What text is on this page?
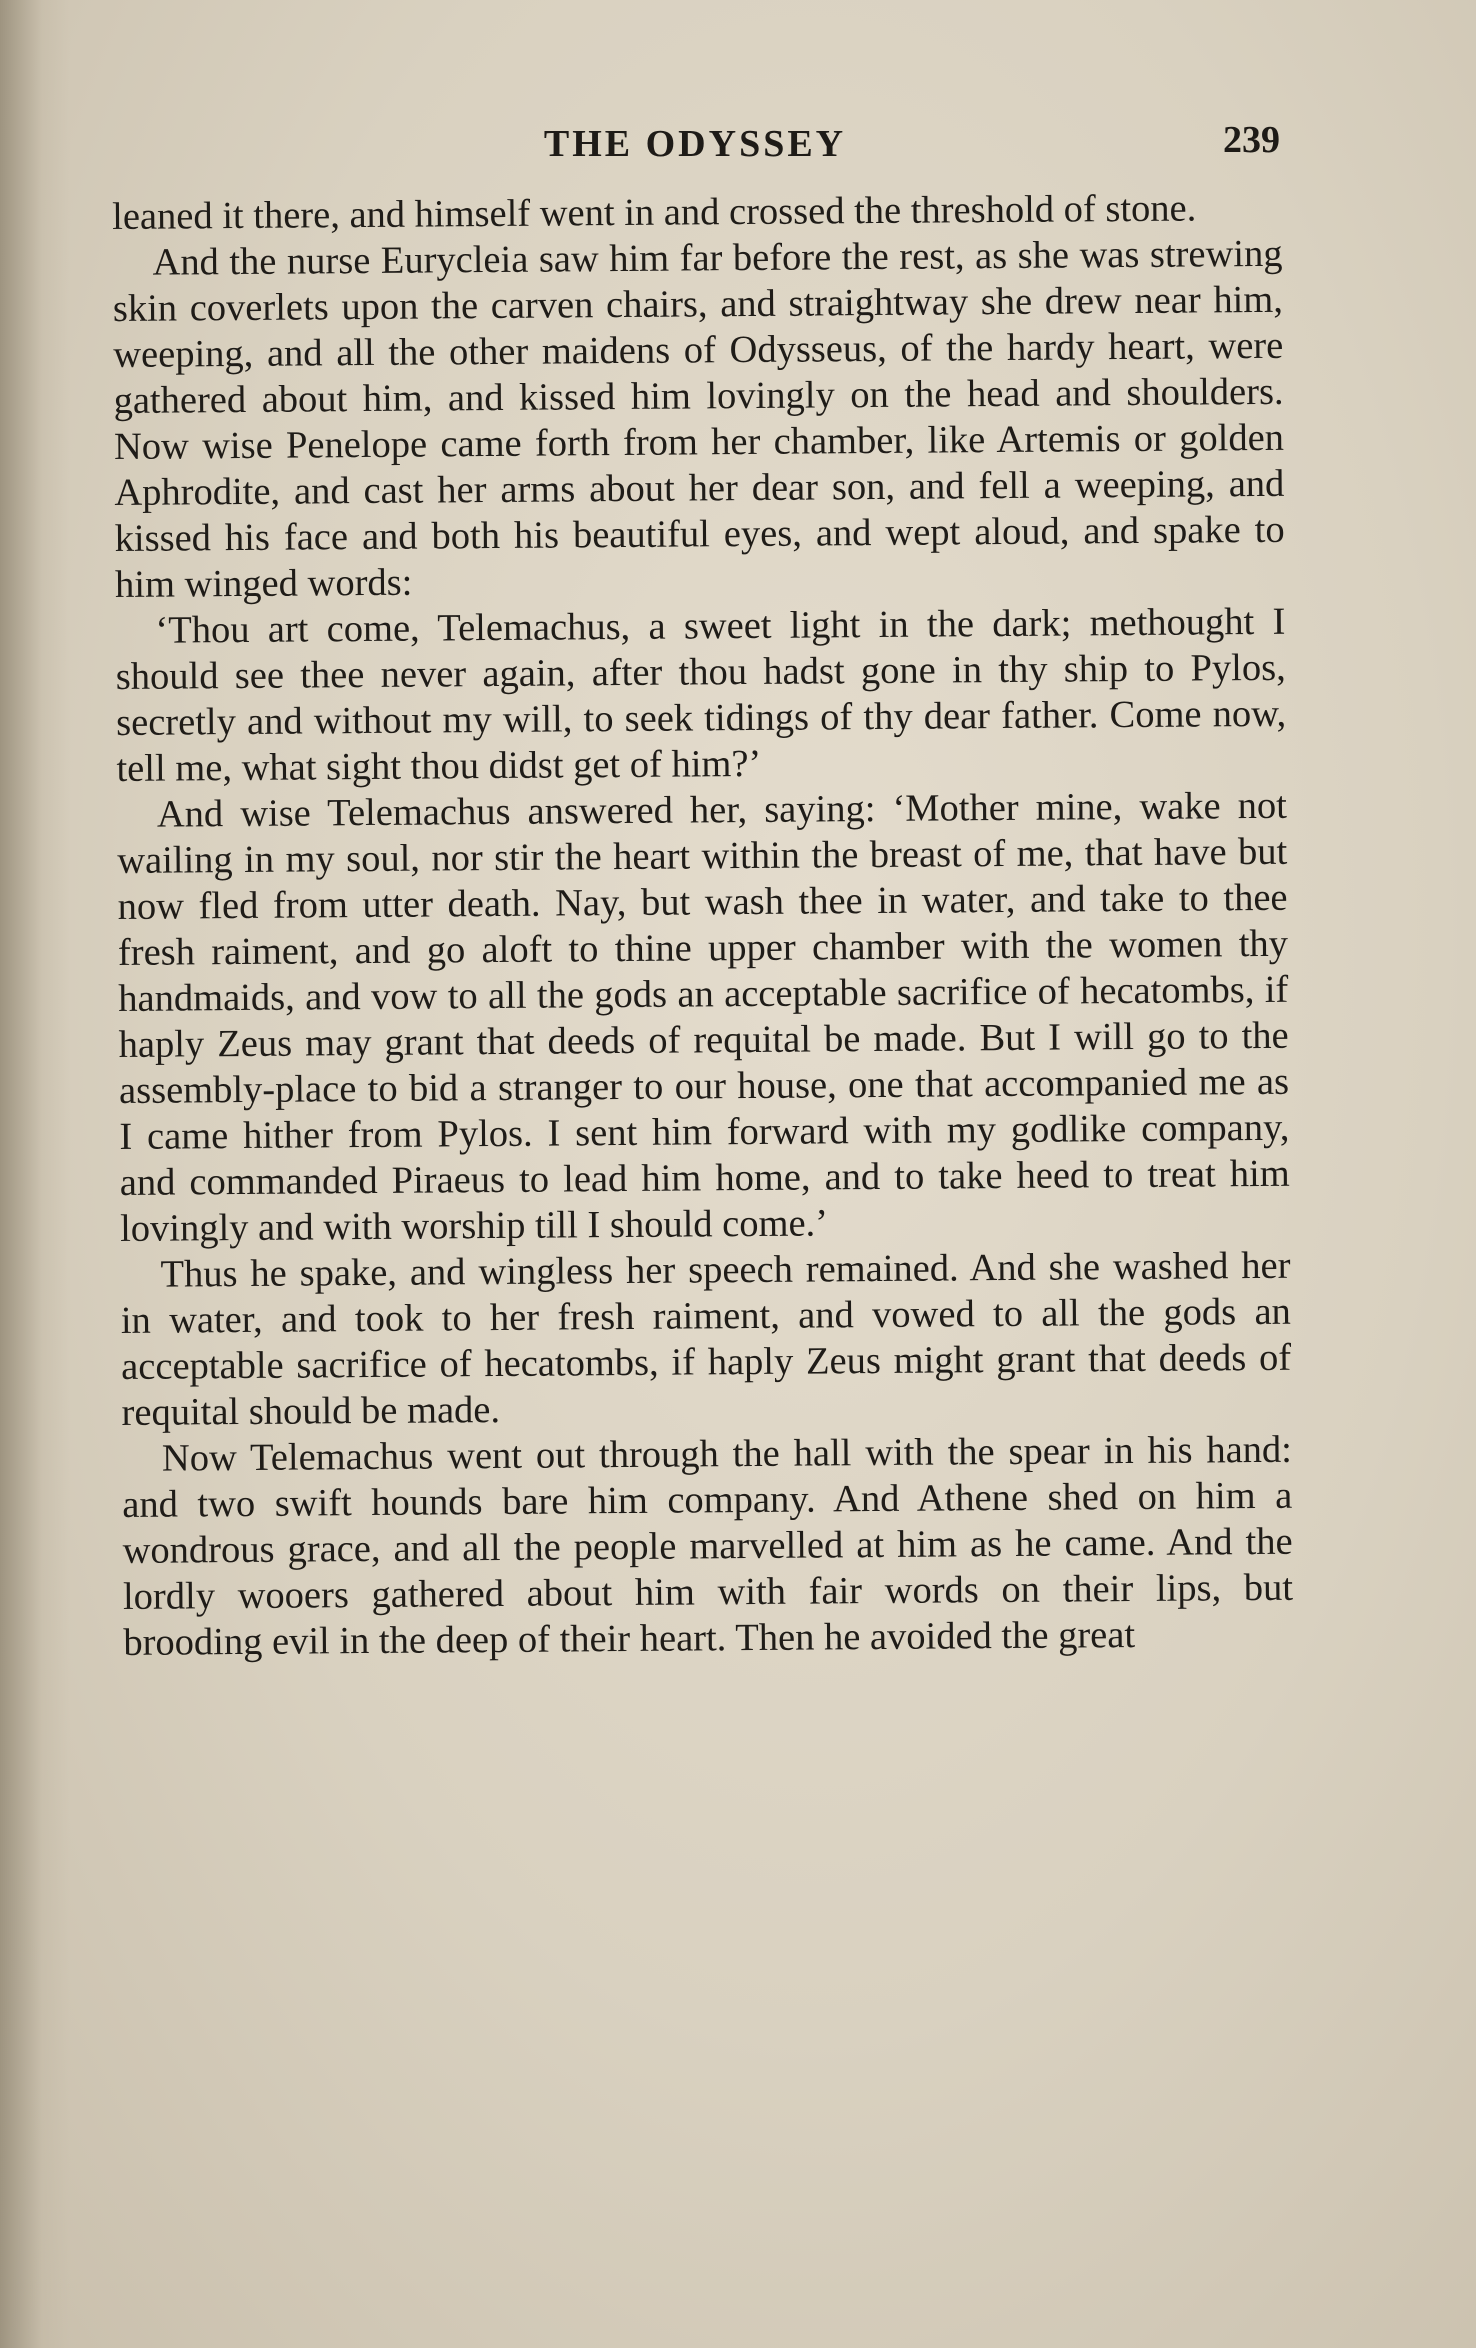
THE ODYSSEY	239

leaned it there, and himself went in and crossed the threshold of stone.

And the nurse Eurycleia saw him far before the rest, as she was strewing skin coverlets upon the carven chairs, and straightway she drew near him, weeping, and all the other maidens of Odysseus, of the hardy heart, were gathered about him, and kissed him lovingly on the head and shoulders. Now wise Penelope came forth from her chamber, like Artemis or golden Aphrodite, and cast her arms about her dear son, and fell a weeping, and kissed his face and both his beautiful eyes, and wept aloud, and spake to him winged words:

‘Thou art come, Telemachus, a sweet light in the dark; methought I should see thee never again, after thou hadst gone in thy ship to Pylos, secretly and without my will, to seek tidings of thy dear father. Come now, tell me, what sight thou didst get of him?’

And wise Telemachus answered her, saying: ‘Mother mine, wake not wailing in my soul, nor stir the heart within the breast of me, that have but now fled from utter death. Nay, but wash thee in water, and take to thee fresh raiment, and go aloft to thine upper chamber with the women thy handmaids, and vow to all the gods an acceptable sacrifice of hecatombs, if haply Zeus may grant that deeds of requital be made. But I will go to the assembly-place to bid a stranger to our house, one that accompanied me as I came hither from Pylos. I sent him forward with my godlike company, and commanded Piraeus to lead him home, and to take heed to treat him lovingly and with worship till I should come.’

Thus he spake, and wingless her speech remained. And she washed her in water, and took to her fresh raiment, and vowed to all the gods an acceptable sacrifice of hecatombs, if haply Zeus might grant that deeds of requital should be made.

Now Telemachus went out through the hall with the spear in his hand: and two swift hounds bare him company. And Athene shed on him a wondrous grace, and all the people marvelled at him as he came. And the lordly wooers gathered about him with fair words on their lips, but brooding evil in the deep of their heart. Then he avoided the great
